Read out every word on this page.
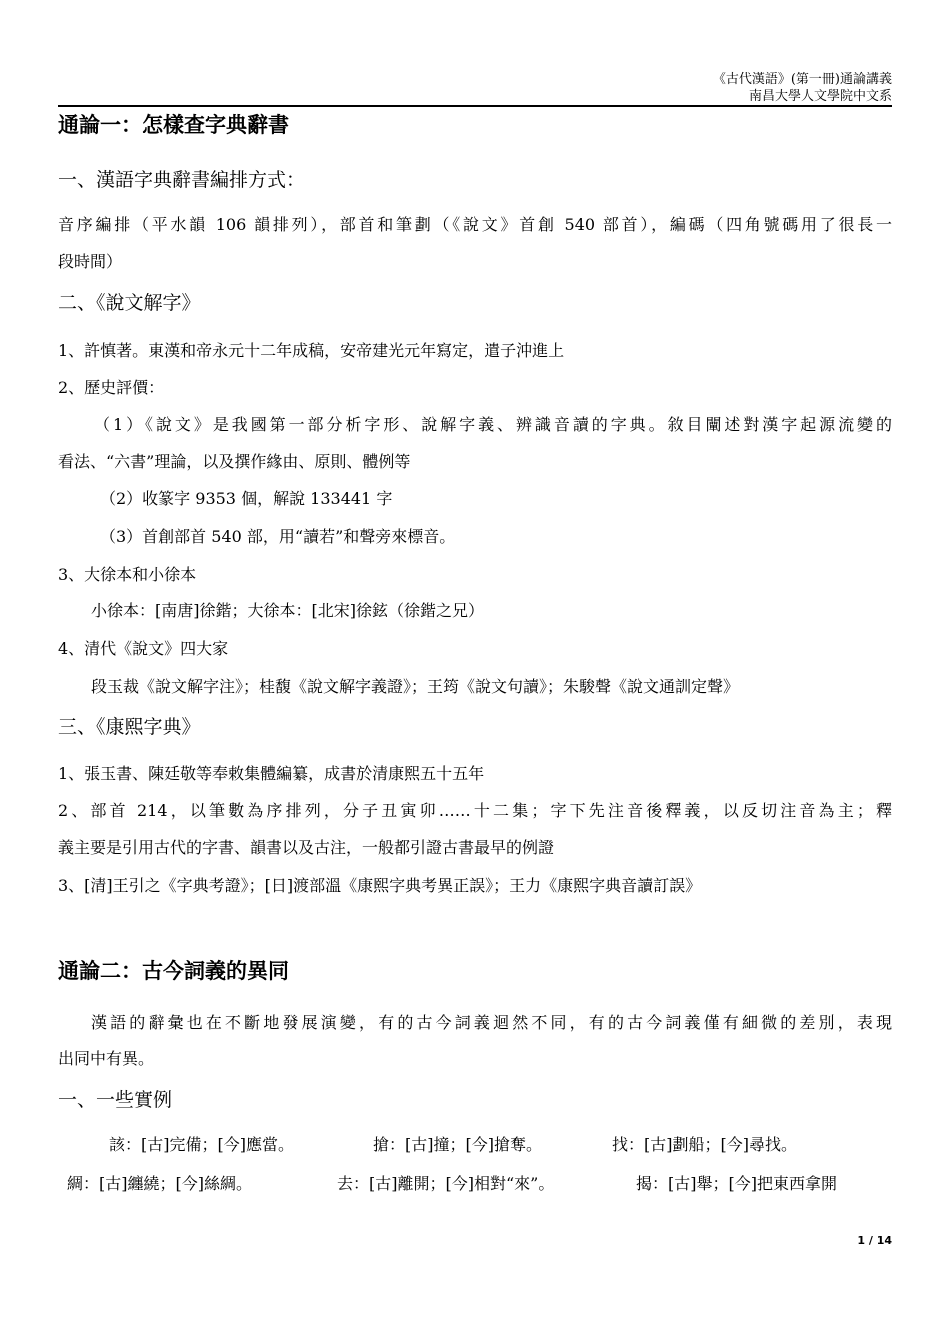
《古代漢語》(第一冊)通論講義
南昌大學人文學院中文系
通論一：怎樣查字典辭書
一、漢語字典辭書編排方式：
音序編排（平水韻 106 韻排列），部首和筆劃（《說文》首創 540 部首），編碼（四角號碼用了很長一
段時間）
二、《說文解字》
1、許慎著。東漢和帝永元十二年成稿，安帝建光元年寫定，遣子沖進上
2、歷史評價：
（1）《說文》是我國第一部分析字形、說解字義、辨識音讀的字典。敘目闡述對漢字起源流變的
看法、“六書”理論，以及撰作緣由、原則、體例等
（2）收篆字 9353 個，解說 133441 字
（3）首創部首 540 部，用“讀若”和聲旁來標音。
3、大徐本和小徐本
小徐本：[南唐]徐鍇；大徐本：[北宋]徐鉉（徐鍇之兄）
4、清代《說文》四大家
段玉裁《說文解字注》；桂馥《說文解字義證》；王筠《說文句讀》；朱駿聲《說文通訓定聲》
三、《康熙字典》
1、張玉書、陳廷敬等奉敕集體編纂，成書於清康熙五十五年
2、部首 214，以筆數為序排列，分子丑寅卯……十二集；字下先注音後釋義，以反切注音為主；釋
義主要是引用古代的字書、韻書以及古注，一般都引證古書最早的例證
3、[清]王引之《字典考證》；[日]渡部溫《康熙字典考異正誤》；王力《康熙字典音讀訂誤》
通論二：古今詞義的異同
漢語的辭彙也在不斷地發展演變，有的古今詞義迴然不同，有的古今詞義僅有細微的差別，表現
出同中有異。
一、一些實例
該：[古]完備；[今]應當。	搶：[古]撞；[今]搶奪。	找：[古]劃船；[今]尋找。
綢：[古]纏繞；[今]絲綢。	去：[古]離開；[今]相對“來”。	揭：[古]舉；[今]把東西拿開
1 / 14
